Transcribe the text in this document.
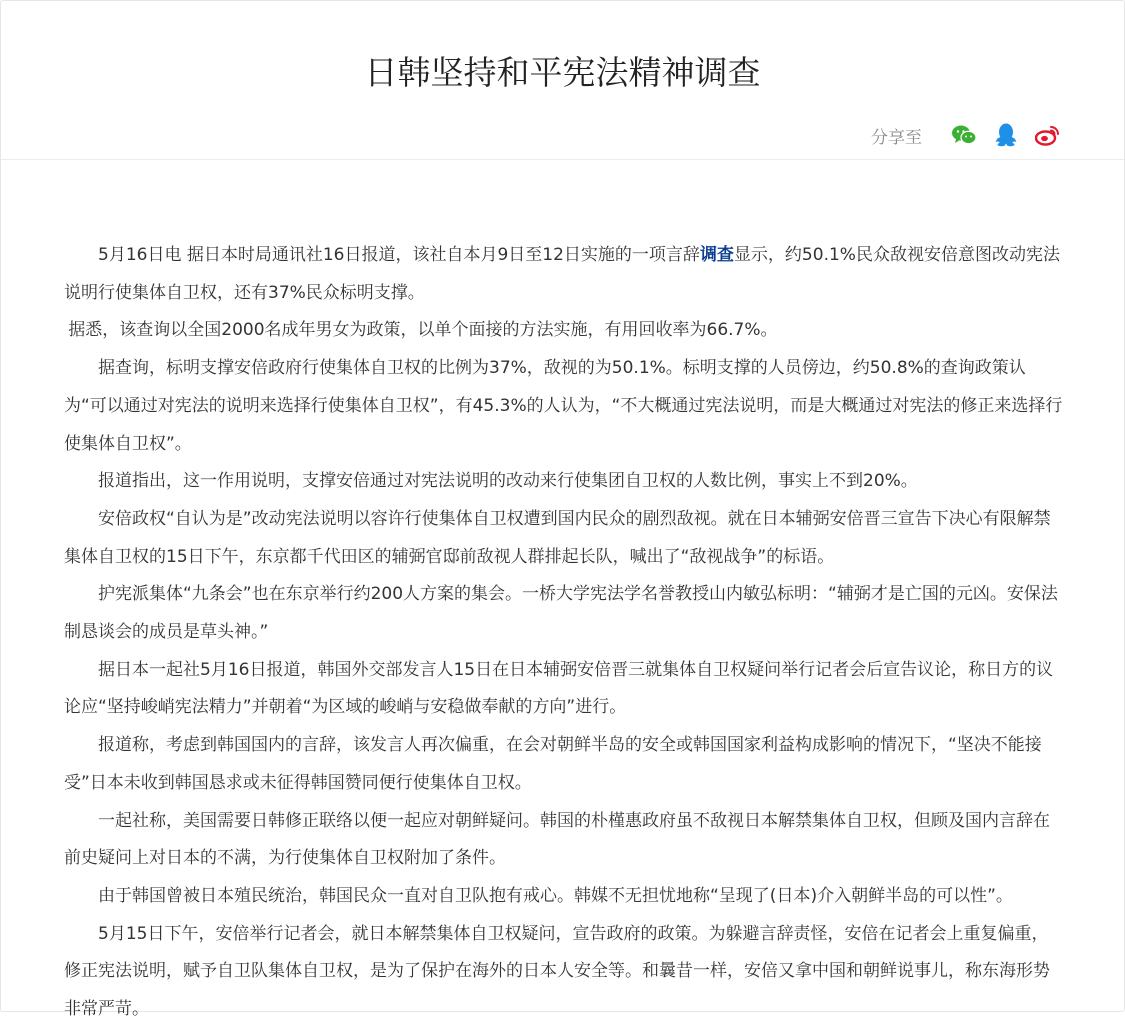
日韩坚持和平宪法精神调查
分享至

5月16日电 据日本时局通讯社16日报道，该社自本月9日至12日实施的一项言辞调查显示，约50.1%民众敌视安倍意图改动宪法说明行使集体自卫权，还有37%民众标明支撑。

据悉，该查询以全国2000名成年男女为政策，以单个面接的方法实施，有用回收率为66.7%。

据查询，标明支撑安倍政府行使集体自卫权的比例为37%，敌视的为50.1%。标明支撑的人员傍边，约50.8%的查询政策认为“可以通过对宪法的说明来选择行使集体自卫权”，有45.3%的人认为，“不大概通过宪法说明，而是大概通过对宪法的修正来选择行使集体自卫权”。

报道指出，这一作用说明，支撑安倍通过对宪法说明的改动来行使集团自卫权的人数比例，事实上不到20%。

安倍政权“自认为是”改动宪法说明以容许行使集体自卫权遭到国内民众的剧烈敌视。就在日本辅弼安倍晋三宣告下决心有限解禁集体自卫权的15日下午，东京都千代田区的辅弼官邸前敌视人群排起长队，喊出了“敌视战争”的标语。

护宪派集体“九条会”也在东京举行约200人方案的集会。一桥大学宪法学名誉教授山内敏弘标明：“辅弼才是亡国的元凶。安保法制恳谈会的成员是草头神。”

据日本一起社5月16日报道，韩国外交部发言人15日在日本辅弼安倍晋三就集体自卫权疑问举行记者会后宣告议论，称日方的议论应“坚持峻峭宪法精力”并朝着“为区域的峻峭与安稳做奉献的方向”进行。

报道称，考虑到韩国国内的言辞，该发言人再次偏重，在会对朝鲜半岛的安全或韩国国家利益构成影响的情况下，“坚决不能接受”日本未收到韩国恳求或未征得韩国赞同便行使集体自卫权。

一起社称，美国需要日韩修正联络以便一起应对朝鲜疑问。韩国的朴槿惠政府虽不敌视日本解禁集体自卫权，但顾及国内言辞在前史疑问上对日本的不满，为行使集体自卫权附加了条件。

由于韩国曾被日本殖民统治，韩国民众一直对自卫队抱有戒心。韩媒不无担忧地称“呈现了(日本)介入朝鲜半岛的可以性”。

5月15日下午，安倍举行记者会，就日本解禁集体自卫权疑问，宣告政府的政策。为躲避言辞责怪，安倍在记者会上重复偏重，修正宪法说明，赋予自卫队集体自卫权，是为了保护在海外的日本人安全等。和曩昔一样，安倍又拿中国和朝鲜说事儿，称东海形势非常严苛。
